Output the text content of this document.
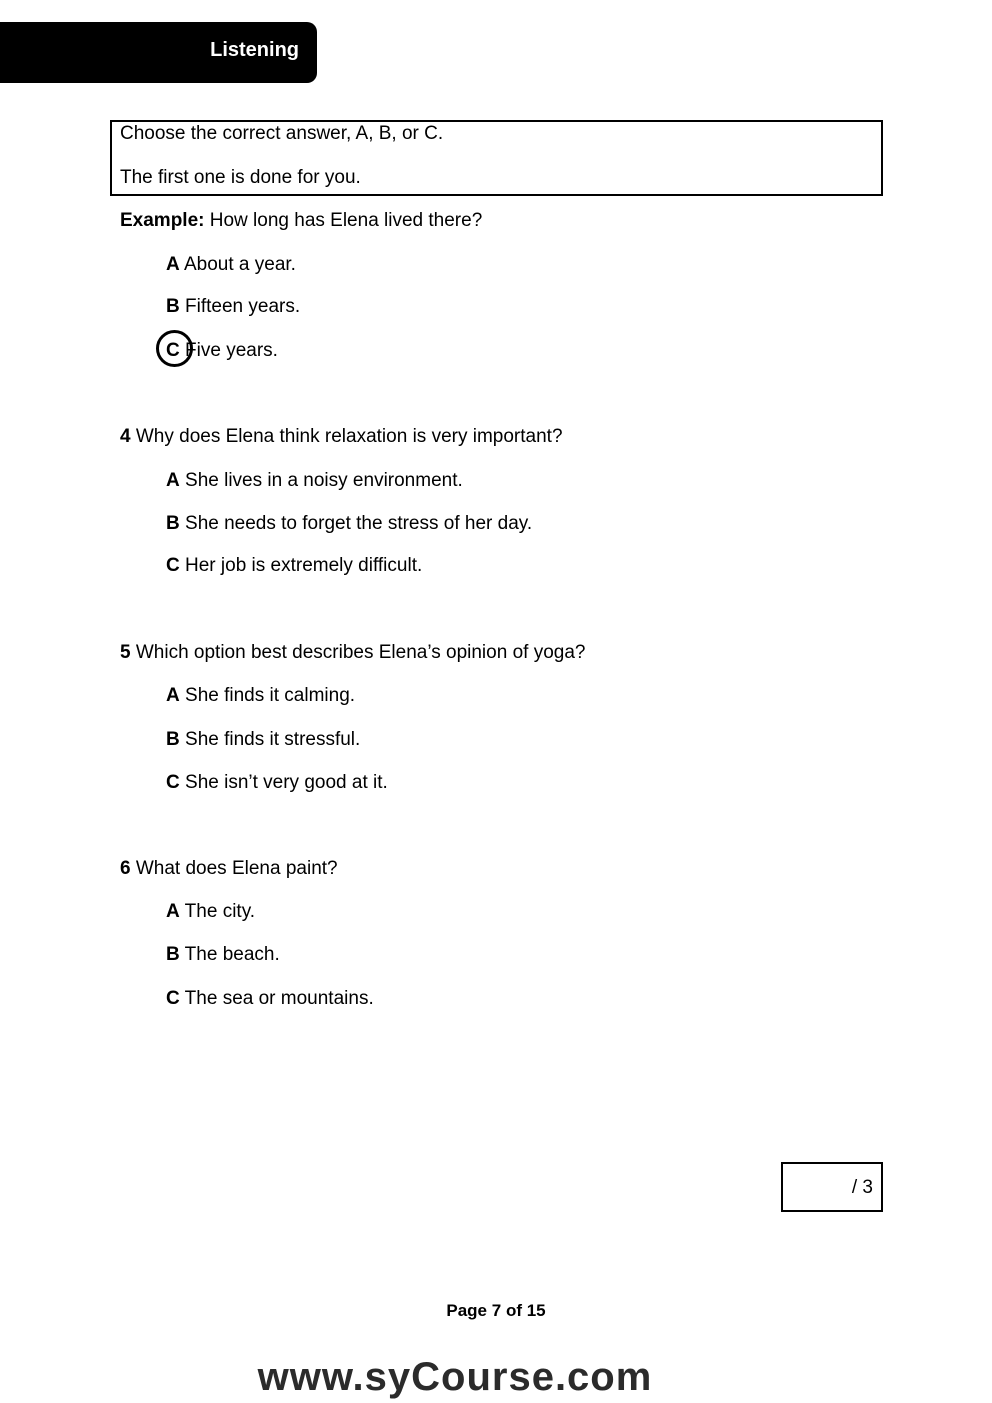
Listening

Choose the correct answer, A, B, or C.

The first one is done for you.

Example: How long has Elena lived there?
A About a year.
B Fifteen years.
C Five years.
4 Why does Elena think relaxation is very important?
A She lives in a noisy environment.
B She needs to forget the stress of her day.
C Her job is extremely difficult.
5 Which option best describes Elena’s opinion of yoga?
A She finds it calming.
B She finds it stressful.
C She isn’t very good at it.
6 What does Elena paint?
A The city.
B The beach.
C The sea or mountains.
/ 3
Page 7 of 15
www.syCourse.com
